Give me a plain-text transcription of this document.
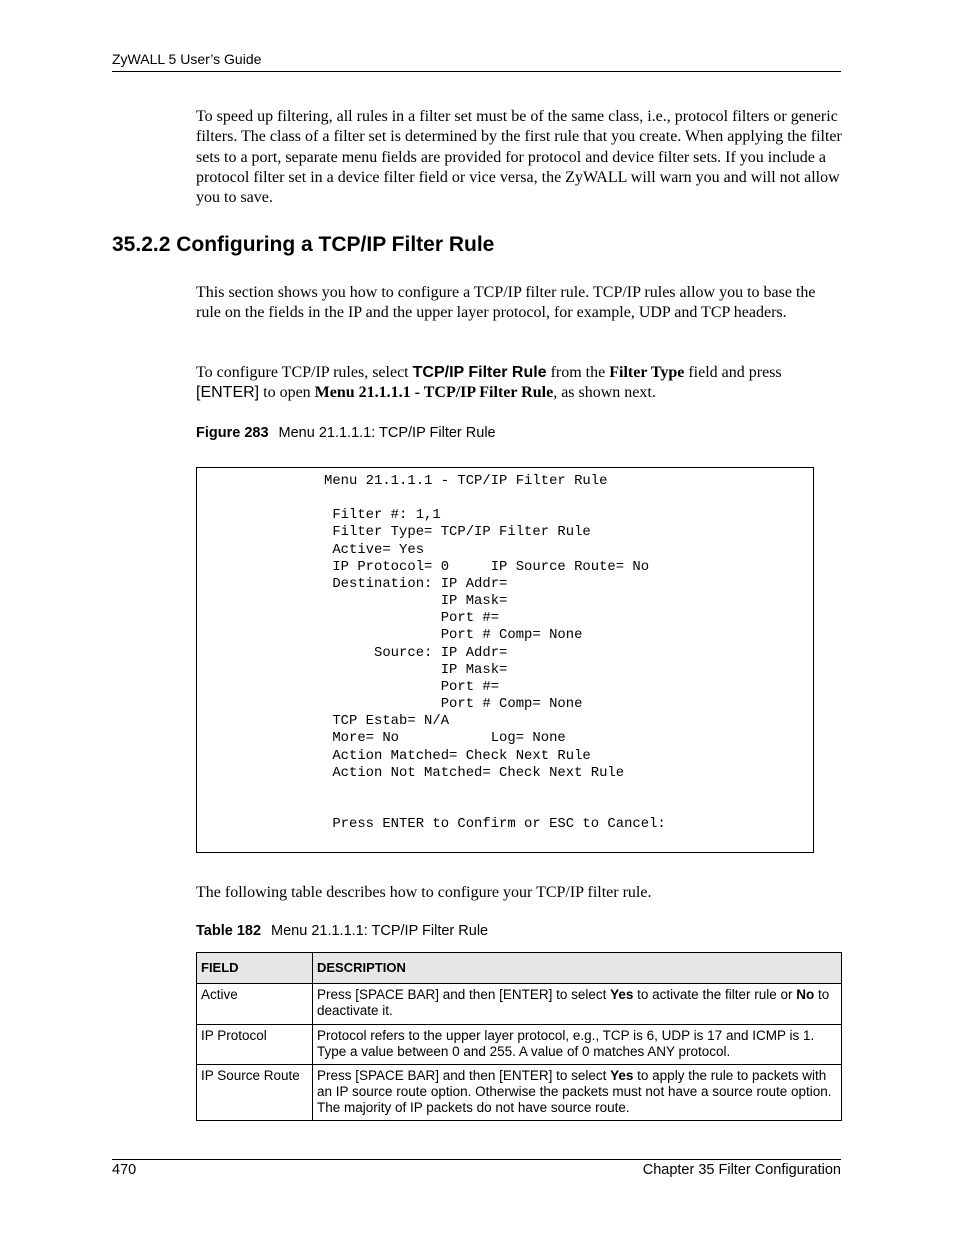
ZyWALL 5 User’s Guide
To speed up filtering, all rules in a filter set must be of the same class, i.e., protocol filters or generic filters. The class of a filter set is determined by the first rule that you create. When applying the filter sets to a port, separate menu fields are provided for protocol and device filter sets. If you include a protocol filter set in a device filter field or vice versa, the ZyWALL will warn you and will not allow you to save.
35.2.2 Configuring a TCP/IP Filter Rule
This section shows you how to configure a TCP/IP filter rule. TCP/IP rules allow you to base the rule on the fields in the IP and the upper layer protocol, for example, UDP and TCP headers.
To configure TCP/IP rules, select TCP/IP Filter Rule from the Filter Type field and press
[ENTER] to open Menu 21.1.1.1 - TCP/IP Filter Rule, as shown next.
Figure 283 Menu 21.1.1.1: TCP/IP Filter Rule
Menu 21.1.1.1 - TCP/IP Filter Rule

Filter #: 1,1
Filter Type= TCP/IP Filter Rule
Active= Yes
IP Protocol= 0     IP Source Route= No
Destination: IP Addr=
IP Mask=
Port #=
Port # Comp= None
Source: IP Addr=
IP Mask=
Port #=
Port # Comp= None
TCP Estab= N/A
More= No           Log= None
Action Matched= Check Next Rule
Action Not Matched= Check Next Rule

Press ENTER to Confirm or ESC to Cancel:
The following table describes how to configure your TCP/IP filter rule.
Table 182 Menu 21.1.1.1: TCP/IP Filter Rule
FIELD	DESCRIPTION
Active	Press [SPACE BAR] and then [ENTER] to select Yes to activate the filter rule or No to deactivate it.
IP Protocol	Protocol refers to the upper layer protocol, e.g., TCP is 6, UDP is 17 and ICMP is 1. Type a value between 0 and 255. A value of 0 matches ANY protocol.
IP Source Route	Press [SPACE BAR] and then [ENTER] to select Yes to apply the rule to packets with an IP source route option. Otherwise the packets must not have a source route option. The majority of IP packets do not have source route.
470	Chapter 35 Filter Configuration
